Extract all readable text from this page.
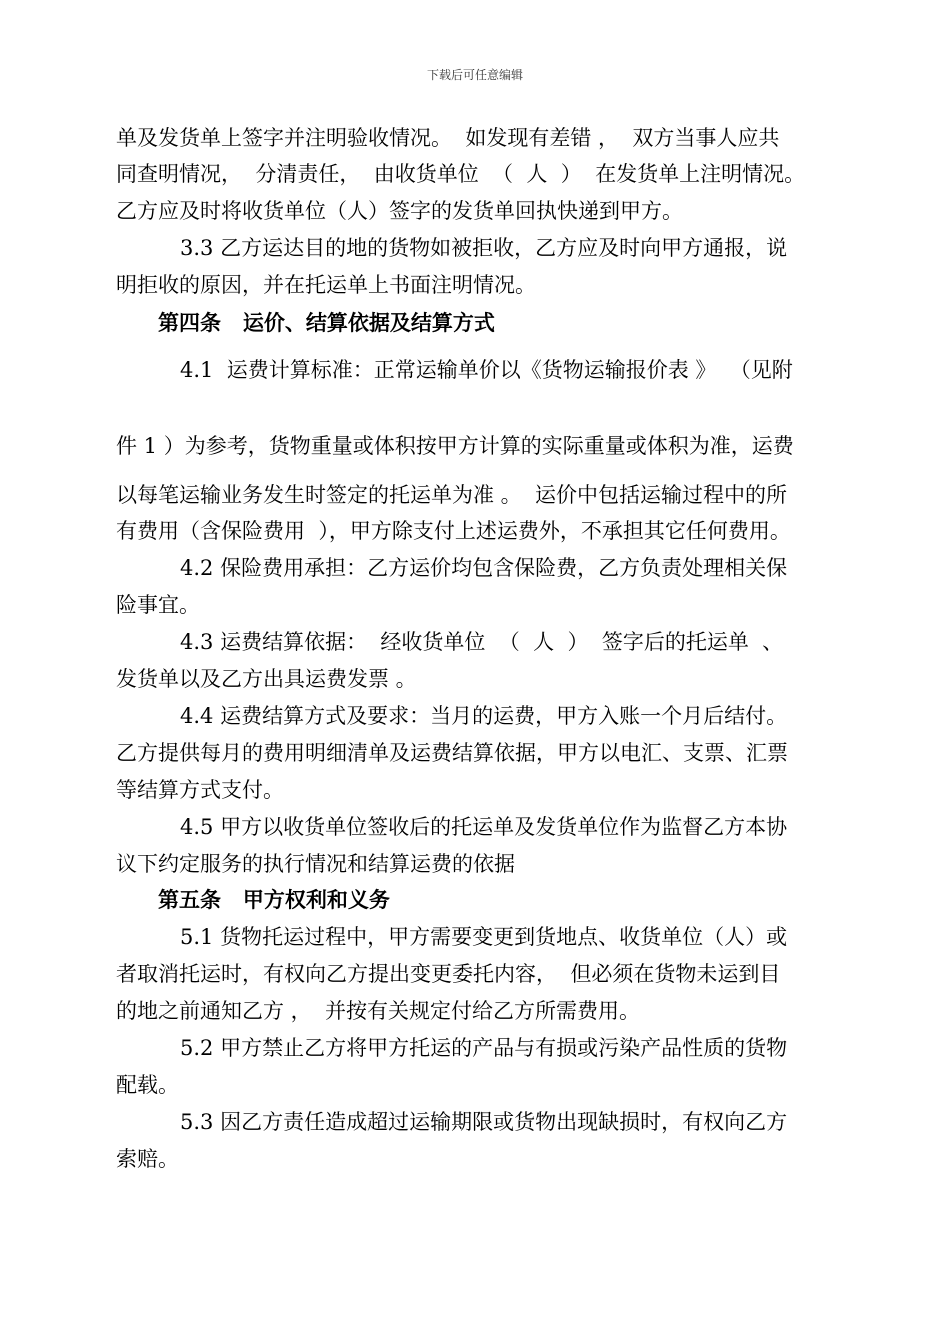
下载后可任意编辑
单及发货单上签字并注明验收情况。  如发现有差错 ，  双方当事人应共
同查明情况，  分清责任，  由收货单位  （  人  ）  在发货单上注明情况。
乙方应及时将收货单位（人）签字的发货单回执快递到甲方。
3.3 乙方运达目的地的货物如被拒收，乙方应及时向甲方通报，说
明拒收的原因，并在托运单上书面注明情况。
第四条   运价、结算依据及结算方式
4.1  运费计算标准：正常运输单价以《货物运输报价表 》  （见附
件 1 ）为参考，货物重量或体积按甲方计算的实际重量或体积为准，运费
以每笔运输业务发生时签定的托运单为准 。  运价中包括运输过程中的所
有费用（含保险费用  ），甲方除支付上述运费外，不承担其它任何费用。
4.2 保险费用承担：乙方运价均包含保险费，乙方负责处理相关保
险事宜。
4.3 运费结算依据：  经收货单位  （  人  ）  签字后的托运单  、
发货单以及乙方出具运费发票 。
4.4 运费结算方式及要求：当月的运费，甲方入账一个月后结付。
乙方提供每月的费用明细清单及运费结算依据，甲方以电汇、支票、汇票
等结算方式支付。
4.5 甲方以收货单位签收后的托运单及发货单位作为监督乙方本协
议下约定服务的执行情况和结算运费的依据
第五条   甲方权利和义务
5.1 货物托运过程中，甲方需要变更到货地点、收货单位（人）或
者取消托运时，有权向乙方提出变更委托内容，  但必须在货物未运到目
的地之前通知乙方 ，  并按有关规定付给乙方所需费用。
5.2 甲方禁止乙方将甲方托运的产品与有损或污染产品性质的货物
配载。
5.3 因乙方责任造成超过运输期限或货物出现缺损时，有权向乙方
索赔。
